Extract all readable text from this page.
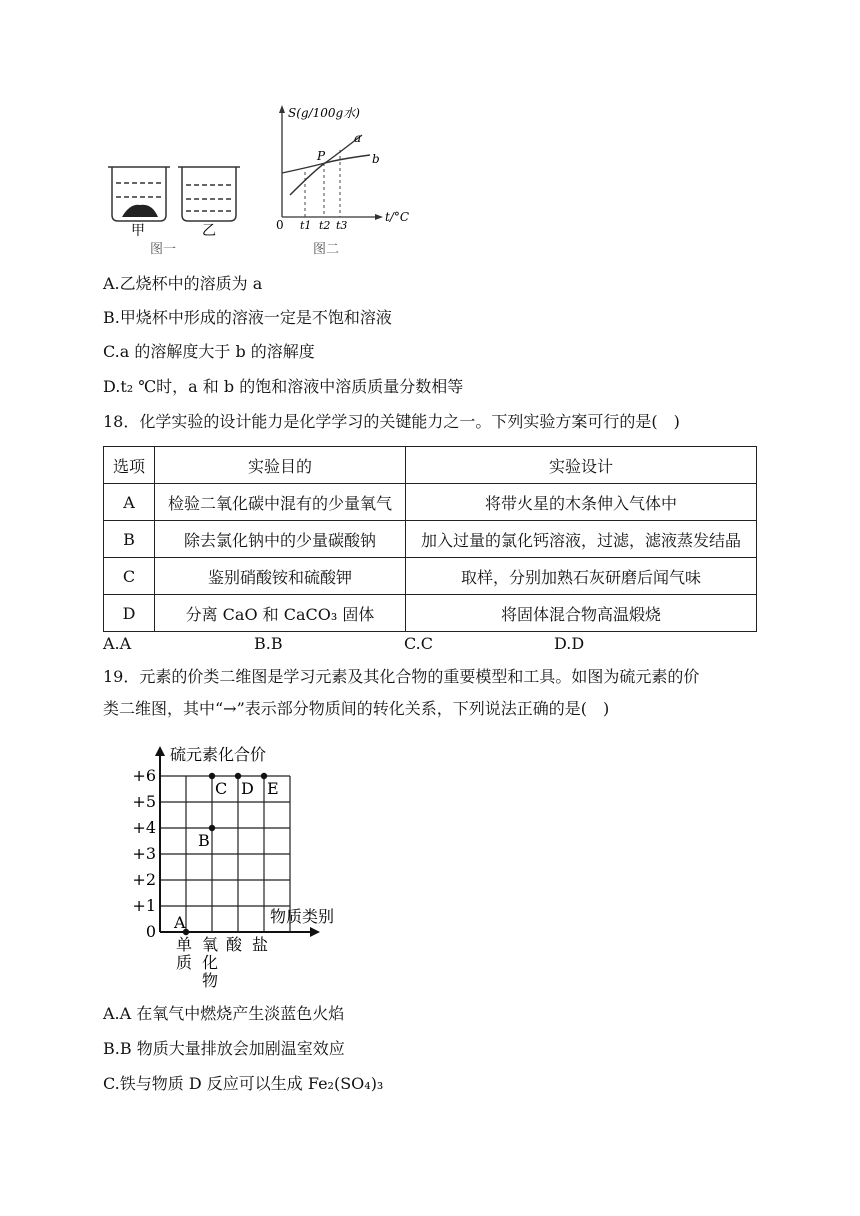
甲	乙
图一
S(g/100g水)
t/°C
0
P
a
b
t1 t2 t3
图二
A.乙烧杯中的溶质为 a
B.甲烧杯中形成的溶液一定是不饱和溶液
C.a 的溶解度大于 b 的溶解度
D.t₂ ℃时，a 和 b 的饱和溶液中溶质质量分数相等
18．化学实验的设计能力是化学学习的关键能力之一。下列实验方案可行的是(　)
选项	实验目的	实验设计
A	检验二氧化碳中混有的少量氧气	将带火星的木条伸入气体中
B	除去氯化钠中的少量碳酸钠	加入过量的氯化钙溶液，过滤，滤液蒸发结晶
C	鉴别硝酸铵和硫酸钾	取样，分别加熟石灰研磨后闻气味
D	分离 CaO 和 CaCO₃ 固体	将固体混合物高温煅烧
A.A	B.B	C.C	D.D
19．元素的价类二维图是学习元素及其化合物的重要模型和工具。如图为硫元素的价
类二维图，其中“→”表示部分物质间的转化关系，下列说法正确的是(　)
0
+1
+2
+3
+4
+5
+6
单
质
氧
化
物
酸 盐
A
B
C D E
硫元素化合价
物质类别
A.A 在氧气中燃烧产生淡蓝色火焰
B.B 物质大量排放会加剧温室效应
C.铁与物质 D 反应可以生成 Fe₂(SO₄)₃
